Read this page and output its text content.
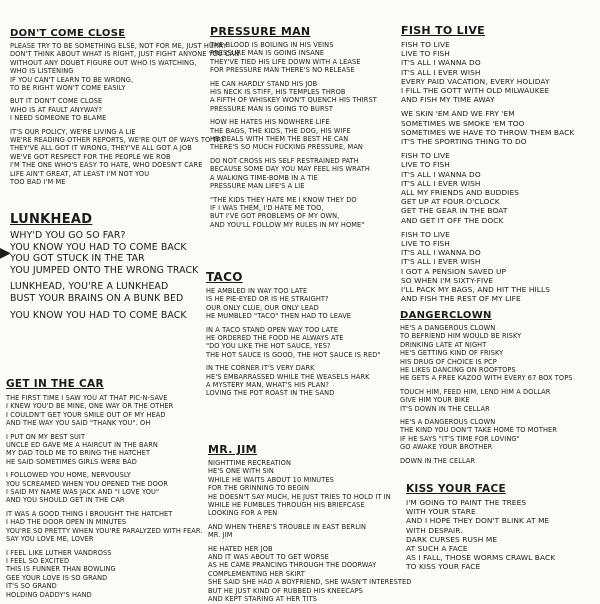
▶
DON'T COME CLOSE
PLEASE TRY TO BE SOMETHING ELSE, NOT FOR ME, JUST HURRY
DON'T THINK ABOUT WHAT IS RIGHT, JUST FIGHT ANYONE YOU CAN
WITHOUT ANY DOUBT FIGURE OUT WHO IS WATCHING,
WHO IS LISTENING
IF YOU CAN'T LEARN TO BE WRONG,
TO BE RIGHT WON'T COME EASILY
BUT IT DON'T COME CLOSE
WHO IS AT FAULT ANYWAY?
I NEED SOMEONE TO BLAME
IT'S OUR POLICY, WE'RE LIVING A LIE
WE'RE READING OTHER REPORTS, WE'RE OUT OF WAYS TO TRY
THEY'VE ALL GOT IT WRONG, THEY'VE ALL GOT A JOB
WE'VE GOT RESPECT FOR THE PEOPLE WE ROB
I'M THE ONE WHO'S EASY TO HATE, WHO DOESN'T CARE
LIFE AIN'T GREAT, AT LEAST I'M NOT YOU
TOO BAD I'M ME
LUNKHEAD
WHY'D YOU GO SO FAR?
YOU KNOW YOU HAD TO COME BACK
YOU GOT STUCK IN THE TAR
YOU JUMPED ONTO THE WRONG TRACK
LUNKHEAD, YOU'RE A LUNKHEAD
BUST YOUR BRAINS ON A BUNK BED
YOU KNOW YOU HAD TO COME BACK
GET IN THE CAR
THE FIRST TIME I SAW YOU AT THAT PIC-N-SAVE
I KNEW YOU'D BE MINE, ONE WAY OR THE OTHER
I COULDN'T GET YOUR SMILE OUT OF MY HEAD
AND THE WAY YOU SAID "THANK YOU". OH
I PUT ON MY BEST SUIT
UNCLE ED GAVE ME A HAIRCUT IN THE BARN
MY DAD TOLD ME TO BRING THE HATCHET
HE SAID SOMETIMES GIRLS WERE BAD
I FOLLOWED YOU HOME, NERVOUSLY
YOU SCREAMED WHEN YOU OPENED THE DOOR
I SAID MY NAME WAS JACK AND "I LOVE YOU"
AND YOU SHOULD GET IN THE CAR
IT WAS A GOOD THING I BROUGHT THE HATCHET
I HAD THE DOOR OPEN IN MINUTES
YOU'RE SO PRETTY WHEN YOU'RE PARALYZED WITH FEAR.
SAY YOU LOVE ME, LOVER
I FEEL LIKE LUTHER VANDROSS
I FEEL SO EXCITED
THIS IS FUNNER THAN BOWLING
GEE YOUR LOVE IS SO GRAND
IT'S SO GRAND
HOLDING DADDY'S HAND
PRESSURE MAN
THE BLOOD IS BOILING IN HIS VEINS
PRESSURE MAN IS GOING INSANE
THEY'VE TIED HIS LIFE DOWN WITH A LEASE
FOR PRESSURE MAN THERE'S NO RELEASE
HE CAN HARDLY STAND HIS JOB
HIS NECK IS STIFF, HIS TEMPLES THROB
A FIFTH OF WHISKEY WON'T QUENCH HIS THIRST
PRESSURE MAN IS GOING TO BURST
HOW HE HATES HIS NOWHERE LIFE
THE BAGS, THE KIDS, THE DOG, HIS WIFE
HE DEALS WITH THEM THE BEST HE CAN
THERE'S SO MUCH FUCKING PRESSURE, MAN
DO NOT CROSS HIS SELF RESTRAINED PATH
BECAUSE SOME DAY YOU MAY FEEL HIS WRATH
A WALKING TIME-BOMB IN A TIE
PRESSURE MAN LIFE'S A LIE
"THE KIDS THEY HATE ME I KNOW THEY DO
IF I WAS THEM, I'D HATE ME TOO,
BUT I'VE GOT PROBLEMS OF MY OWN,
AND YOU'LL FOLLOW MY RULES IN MY HOME"
TACO
HE AMBLED IN WAY TOO LATE
IS HE PIE-EYED OR IS HE STRAIGHT?
OUR ONLY CLUE, OUR ONLY LEAD
HE MUMBLED "TACO" THEN HAD TO LEAVE
IN A TACO STAND OPEN WAY TOO LATE
HE ORDERED THE FOOD HE ALWAYS ATE
"DO YOU LIKE THE HOT SAUCE, YES?
THE HOT SAUCE IS GOOD, THE HOT SAUCE IS RED"
IN THE CORNER IT'S VERY DARK
HE'S EMBARRASSED WHILE THE WEASELS HARK
A MYSTERY MAN, WHAT'S HIS PLAN?
LOVING THE POT ROAST IN THE SAND
MR. JIM
NIGHTTIME RECREATION
HE'S ONE WITH SIN
WHILE HE WAITS ABOUT 10 MINUTES
FOR THE GRINNING TO BEGIN
HE DOESN'T SAY MUCH, HE JUST TRIES TO HOLD IT IN
WHILE HE FUMBLES THROUGH HIS BRIEFCASE
LOOKING FOR A PEN
AND WHEN THERE'S TROUBLE IN EAST BERLIN
MR. JIM
HE HATED HER JOB
AND IT WAS ABOUT TO GET WORSE
AS HE CAME PRANCING THROUGH THE DOORWAY
COMPLEMENTING HER SKIRT
SHE SAID SHE HAD A BOYFRIEND, SHE WASN'T INTERESTED
BUT HE JUST KIND OF RUBBED HIS KNEECAPS
AND KEPT STARING AT HER TITS
FISH TO LIVE
FISH TO LIVE
LIVE TO FISH
IT'S ALL I WANNA DO
IT'S ALL I EVER WISH
EVERY PAID VACATION, EVERY HOLIDAY
I FILL THE GOTT WITH OLD MILWAUKEE
AND FISH MY TIME AWAY
WE SKIN 'EM AND WE FRY 'EM
SOMETIMES WE SMOKE 'EM TOO
SOMETIMES WE HAVE TO THROW THEM BACK
IT'S THE SPORTING THING TO DO
FISH TO LIVE
LIVE TO FISH
IT'S ALL I WANNA DO
IT'S ALL I EVER WISH
ALL MY FRIENDS AND BUDDIES
GET UP AT FOUR O'CLOCK
GET THE GEAR IN THE BOAT
AND GET IT OFF THE DOCK
FISH TO LIVE
LIVE TO FISH
IT'S ALL I WANNA DO
IT'S ALL I EVER WISH
I GOT A PENSION SAVED UP
SO WHEN I'M SIXTY-FIVE
I'LL PACK MY BAGS, AND HIT THE HILLS
AND FISH THE REST OF MY LIFE
DANGERCLOWN
HE'S A DANGEROUS CLOWN
TO BEFRIEND HIM WOULD BE RISKY
DRINKING LATE AT NIGHT
HE'S GETTING KIND OF FRISKY
HIS DRUG OF CHOICE IS PCP
HE LIKES DANCING ON ROOFTOPS
HE GETS A FREE KAZOO WITH EVERY 67 BOX TOPS
TOUCH HIM, FEED HIM, LEND HIM A DOLLAR
GIVE HIM YOUR BIKE
IT'S DOWN IN THE CELLAR
HE'S A DANGEROUS CLOWN
THE KIND YOU DON'T TAKE HOME TO MOTHER
IF HE SAYS "IT'S TIME FOR LOVING"
GO AWAKE YOUR BROTHER
DOWN IN THE CELLAR
KISS YOUR FACE
I'M GOING TO PAINT THE TREES
WITH YOUR STARE
AND I HOPE THEY DON'T BLINK AT ME
WITH DESPAIR.
DARK CURSES RUSH ME
AT SUCH A FACE
AS I FALL, THOSE WORMS CRAWL BACK
TO KISS YOUR FACE
